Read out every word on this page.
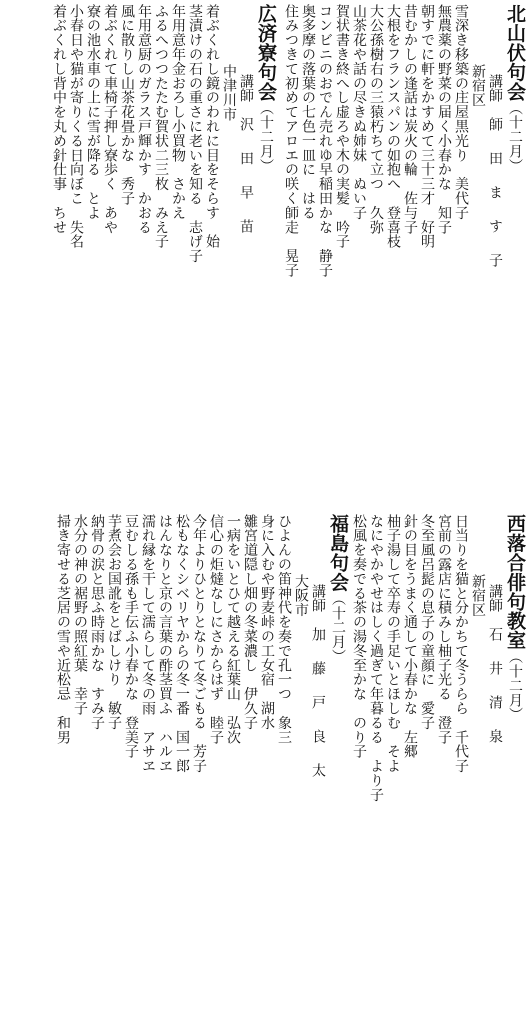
北山伏句会（十二月）
講師　師田ます子
新宿区
雪深き移築の庄屋黒光り　美代子
無農薬の野菜の届く小春かな　知子
朝すでに軒をかすめて三十三才　好明
昔むかしの逢話は炭火の輪　佐与子
大根をフランスパンの如抱へ　登喜枝
大公孫樹右の三猿朽ちて立つ　久弥
山茶花や話の尽きぬ姉妹　ぬい子
賀状書き終へし虚ろや木の実髪　吟子
コンビニのおでん売れゆ早稲田かな　静子
奥多摩の落葉の七色一皿に　はる
住みつきて初めてアロエの咲く師走　晃子
広済寮句会（十二月）
講師　沢田早苗
中津川市
着ぶくれし鏡のわれに目をそらす　始
茎漬けの石の重さに老いを知る　志げ子
年用意年金おろし小買物　さかえ
ふるへつつたたむ賀状二三枚　みえ子
年用意厨のガラス戸輝かす　かおる
風に散りし山茶花畳かな　秀子
着ぶくれて車椅子押し寮歩く　あや
寮の池水車の上に雪が降る　とよ
小春日や猫が寄りくる日向ぼこ　失名
着ぶくれし背中を丸め針仕事　ちせ
西落合俳句教室（十二月）
講師　石井清泉
新宿区
日当りを猫と分かちて冬うらら　千代子
宮前の露店に積みし柚子光る　澄子
冬至風呂髭の息子の童顔に　愛子
針の目をうまく通して小春かな　左郷
柚子湯して卒寿の手足いとほしむ　そよ
なにやかやせはしく過ぎて年暮るる　より子
松風を奏でる茶の湯冬至かな　のり子
福島句会（十二月）
講師　加藤戸良太
大阪市
ひよんの笛神代を奏で孔一つ　象三
身に入むや野麦峠の工女宿　湖水
雛宮道隠し畑の冬菜濃し　伊久子
一病をいとひて越える紅葉山　弘次
信心の炬燵なしにさからはず　睦子
今年よりひとりとなりて冬ごもる　芳子
松もなくシベリヤからの冬一番　国一郎
はんなりと京の言葉の酢茎買ふ　ハルヱ
濡れ縁を干して濡らして冬の雨　アサヱ
豆むしる孫も手伝ふ小春かな　登美子
芋煮会お国訛をとばしけり　敏子
納骨の涙と思ふ時雨かな　すみ子
水分の神の裾野の照紅葉　幸子
掃き寄せる芝居の雪や近松忌　和男
